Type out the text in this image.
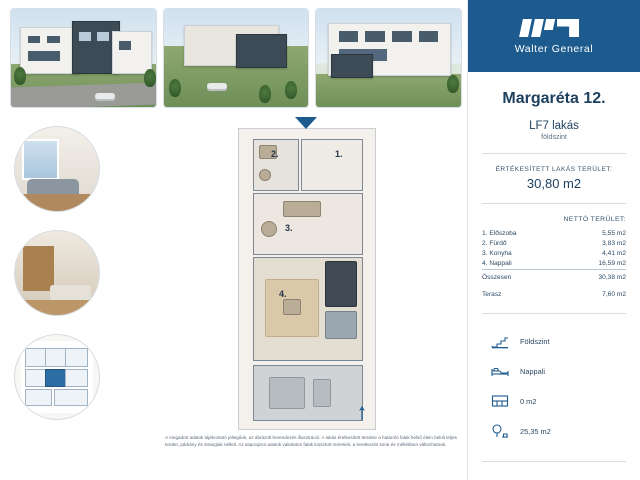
1.
2.
3.
4.
A megadott adatok tájékoztató jellegűek, az ábrázolt berendezés illusztráció. A lakás értékesített területe a határoló falak belső élein belüli teljes terület, párkány és stranglak nélkül. Az alaprajzon adatok vakolaton falak kiosztott méretiek, a levetkezés sorai és méltékben változhatnak.
Walter General
Margaréta 12.
LF7 lakás
földszint
ÉRTÉKESÍTETT LAKÁS TERÜLET:
30,80 m2
NETTÓ TERÜLET:
1. Előszoba	5,55 m2
2. Fürdő	3,83 m2
3. Konyha	4,41 m2
4. Nappali	16,59 m2
Összesen	30,38 m2
Terasz	7,60 m2
Földszint
Nappali
0 m2
25,35 m2
